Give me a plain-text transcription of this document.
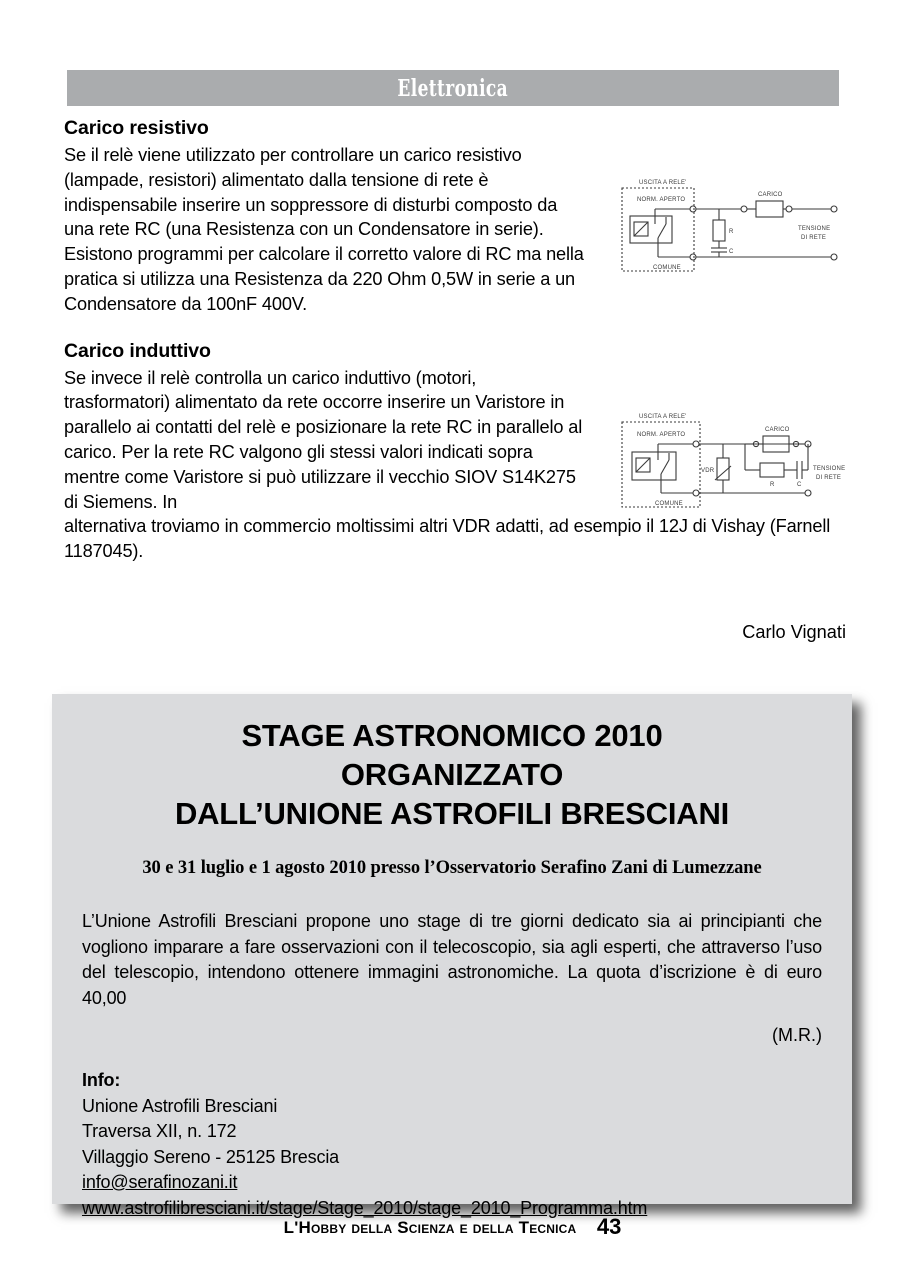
Elettronica
Carico resistivo

Se il relè viene utilizzato per controllare un carico resistivo (lampade, resistori) alimentato dalla tensione di rete è indispensabile inserire un soppressore di disturbi composto da una rete RC (una Resistenza con un Condensatore in serie). Esistono programmi per calcolare il corretto valore di RC ma nella pratica si utilizza una Resistenza da 220 Ohm 0,5W in serie a un Condensatore da 100nF 400V.

Carico induttivo

Se invece il relè controlla un carico induttivo (motori, trasformatori) alimentato da rete occorre inserire un Varistore in parallelo ai contatti del relè e posizionare la rete RC in parallelo al carico. Per la rete RC valgono gli stessi valori indicati sopra mentre come Varistore si può utilizzare il vecchio SIOV S14K275 di Siemens. In

alternativa troviamo in commercio moltissimi altri VDR adatti, ad esempio il 12J di Vishay (Farnell 1187045).

USCITA A RELE'
NORM. APERTO
COMUNE
CARICO
TENSIONE
DI RETE
R
C
USCITA A RELE'
NORM. APERTO
COMUNE
VDR
CARICO
TENSIONE
DI RETE
R	C
Carlo Vignati
STAGE ASTRONOMICO 2010
ORGANIZZATO
DALL’UNIONE ASTROFILI BRESCIANI
30 e 31 luglio e 1 agosto 2010 presso l’Osservatorio Serafino Zani di Lumezzane
L’Unione Astrofili Bresciani propone uno stage di tre giorni dedicato sia ai principianti che vogliono imparare a fare osservazioni con il telecoscopio, sia agli esperti, che attraverso l’uso del telescopio, intendono ottenere immagini astronomiche. La quota d’iscrizione è di euro 40,00
(M.R.)
Info:
Unione Astrofili Bresciani
Traversa XII, n. 172
Villaggio Sereno - 25125 Brescia
info@serafinozani.it
www.astrofilibresciani.it/stage/Stage_2010/stage_2010_Programma.htm
L'Hobby della Scienza e della Tecnica 43
